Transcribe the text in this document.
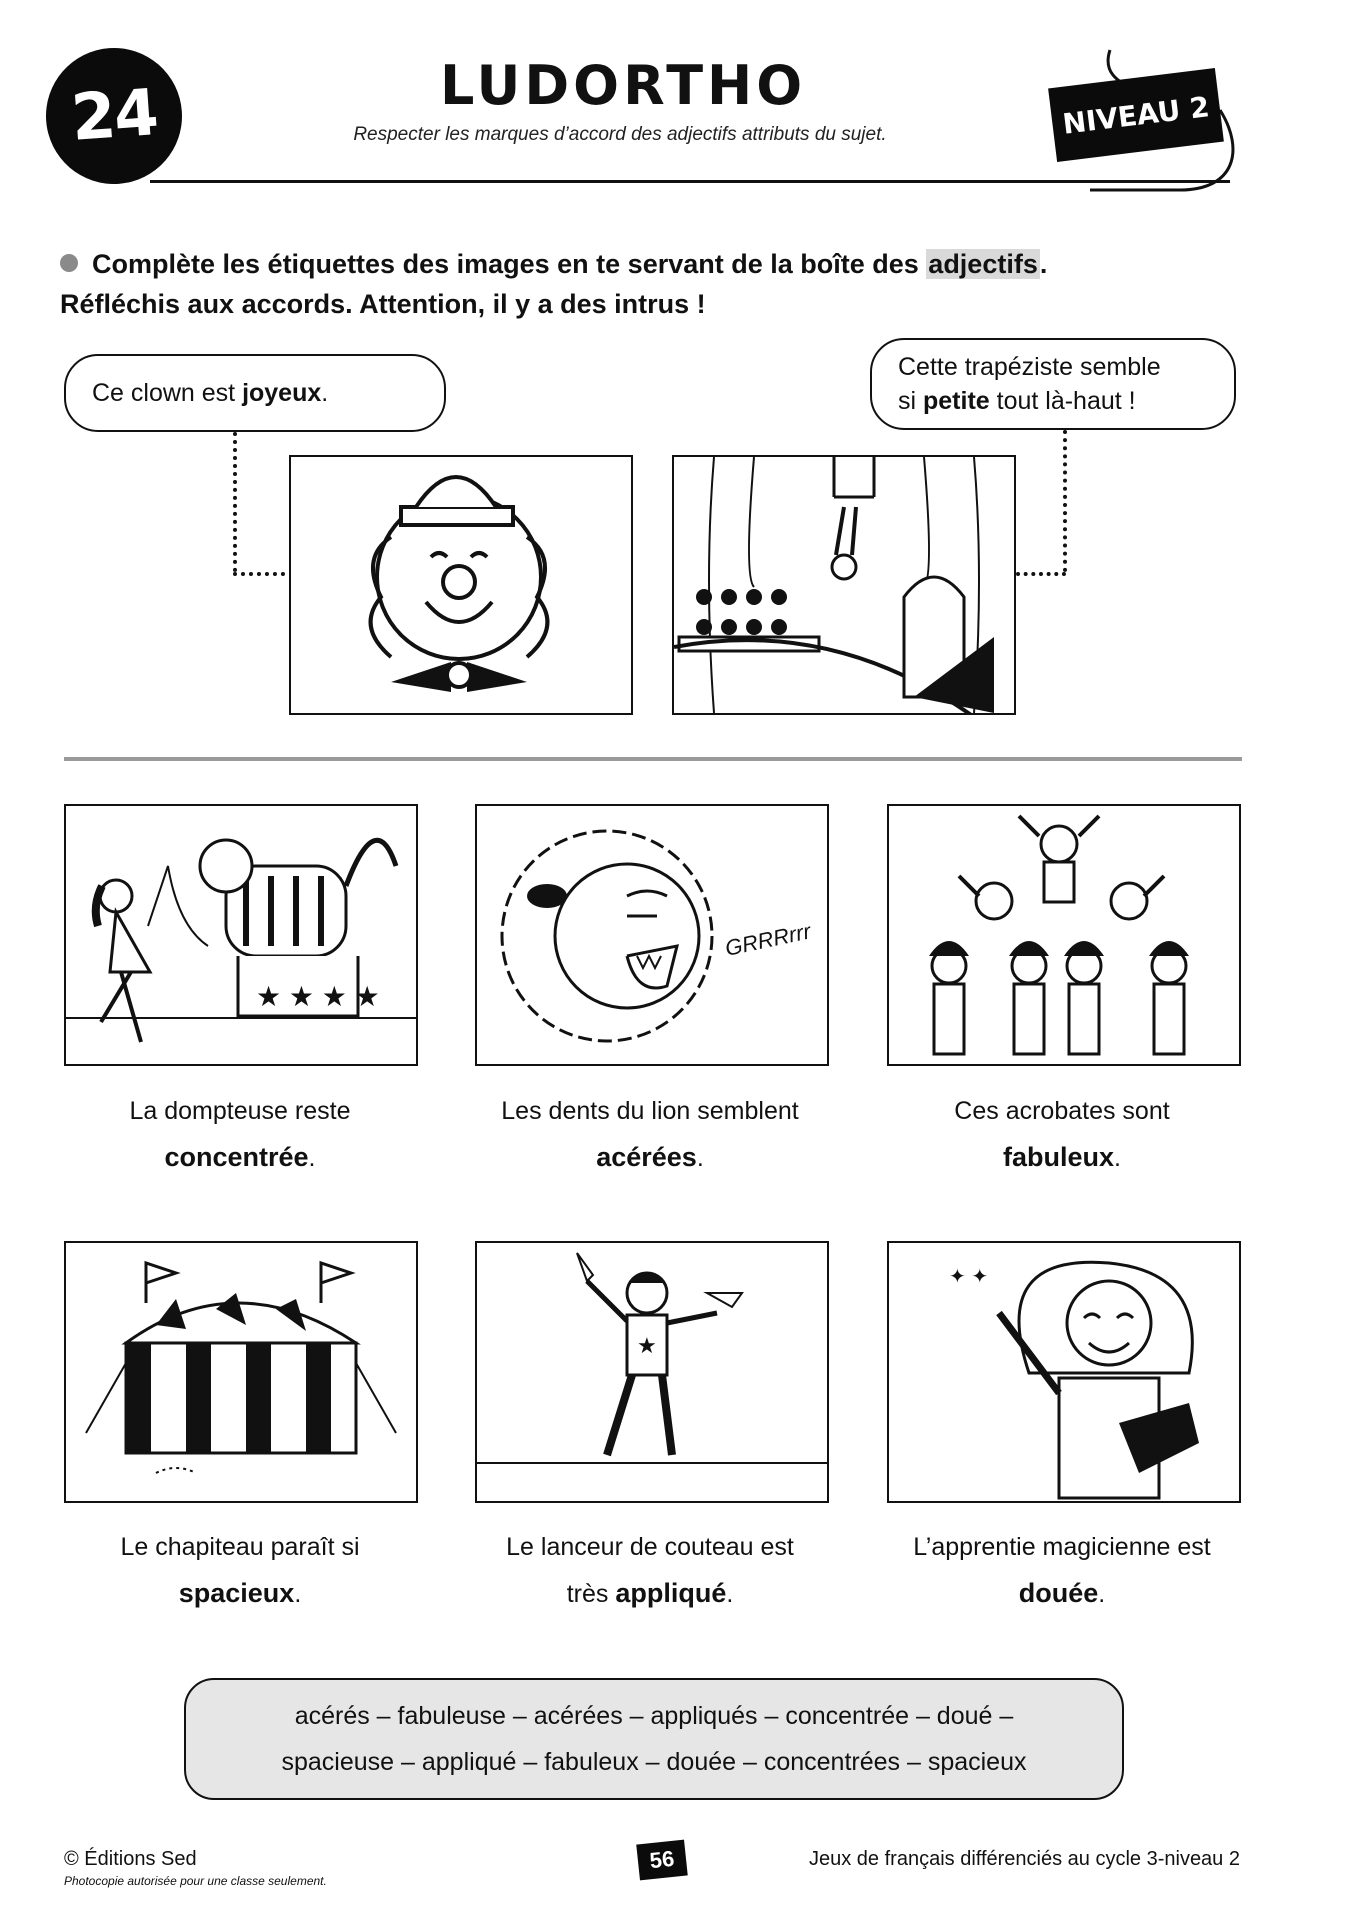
24	LUDORTHO
Respecter les marques d’accord des adjectifs attributs du sujet.	NIVEAU 2
Complète les étiquettes des images en te servant de la boîte des adjectifs.
Réfléchis aux accords. Attention, il y a des intrus !
Ce clown est joyeux.
Cette trapéziste semble
si petite tout là-haut !
★ ★ ★ ★
GRRRrrr
La dompteuse reste
concentrée.
Les dents du lion semblent
acérées.
Ces acrobates sont
fabuleux.
★
✦ ✦
Le chapiteau paraît si
spacieux.
Le lanceur de couteau est
très appliqué.
L’apprentie magicienne est
douée.
acérés – fabuleuse – acérées – appliqués – concentrée – doué –
spacieuse – appliqué – fabuleux – douée – concentrées – spacieux
© Éditions Sed
Photocopie autorisée pour une classe seulement.
56	Jeux de français différenciés au cycle 3-niveau 2
